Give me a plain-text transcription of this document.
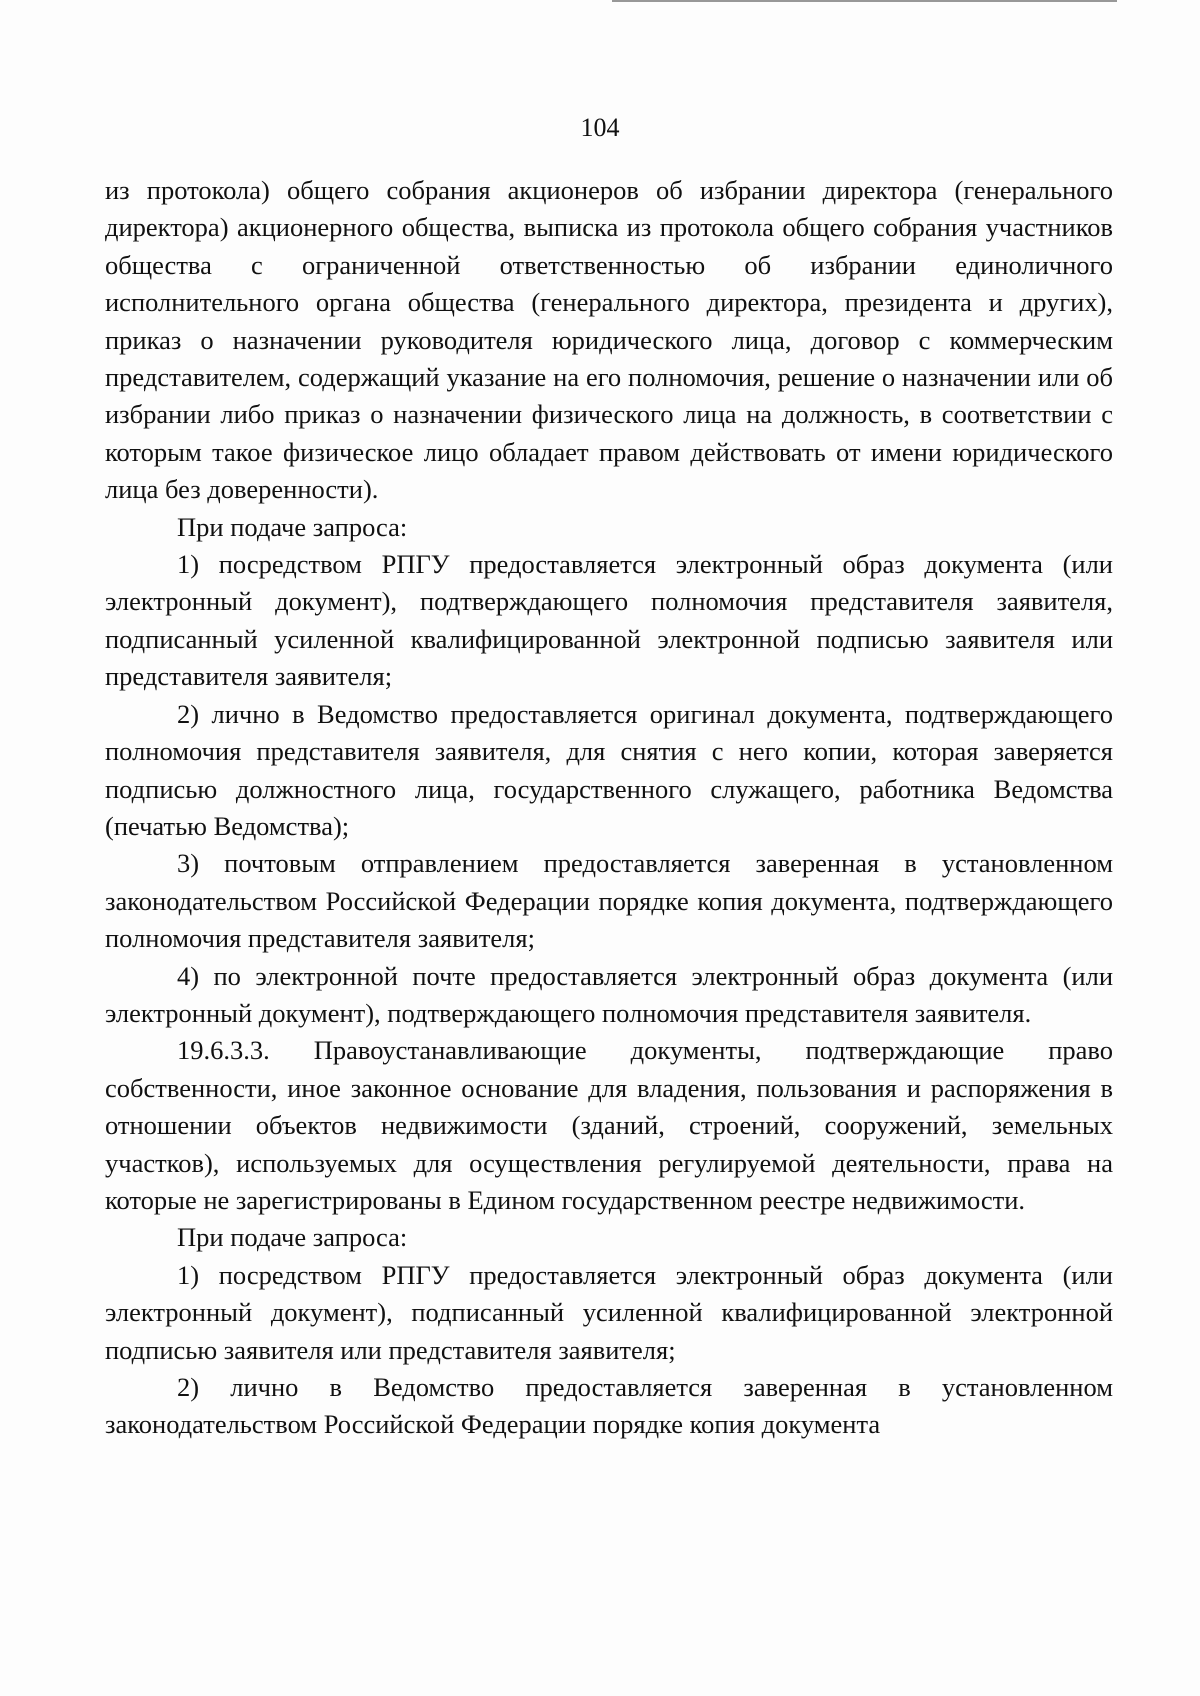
104

из протокола) общего собрания акционеров об избрании директора (генерального директора) акционерного общества, выписка из протокола общего собрания участников общества с ограниченной ответственностью об избрании единоличного исполнительного органа общества (генерального директора, президента и других), приказ о назначении руководителя юридического лица, договор с коммерческим представителем, содержащий указание на его полномочия, решение о назначении или об избрании либо приказ о назначении физического лица на должность, в соответствии с которым такое физическое лицо обладает правом действовать от имени юридического лица без доверенности).

При подаче запроса:

1) посредством РПГУ предоставляется электронный образ документа (или электронный документ), подтверждающего полномочия представителя заявителя, подписанный усиленной квалифицированной электронной подписью заявителя или представителя заявителя;

2) лично в Ведомство предоставляется оригинал документа, подтверждающего полномочия представителя заявителя, для снятия с него копии, которая заверяется подписью должностного лица, государственного служащего, работника Ведомства (печатью Ведомства);

3) почтовым отправлением предоставляется заверенная в установленном законодательством Российской Федерации порядке копия документа, подтверждающего полномочия представителя заявителя;

4) по электронной почте предоставляется электронный образ документа (или электронный документ), подтверждающего полномочия представителя заявителя.

19.6.3.3. Правоустанавливающие документы, подтверждающие право собственности, иное законное основание для владения, пользования и распоряжения в отношении объектов недвижимости (зданий, строений, сооружений, земельных участков), используемых для осуществления регулируемой деятельности, права на которые не зарегистрированы в Едином государственном реестре недвижимости.

При подаче запроса:

1) посредством РПГУ предоставляется электронный образ документа (или электронный документ), подписанный усиленной квалифицированной электронной подписью заявителя или представителя заявителя;

2) лично в Ведомство предоставляется заверенная в установленном законодательством Российской Федерации порядке копия документа
